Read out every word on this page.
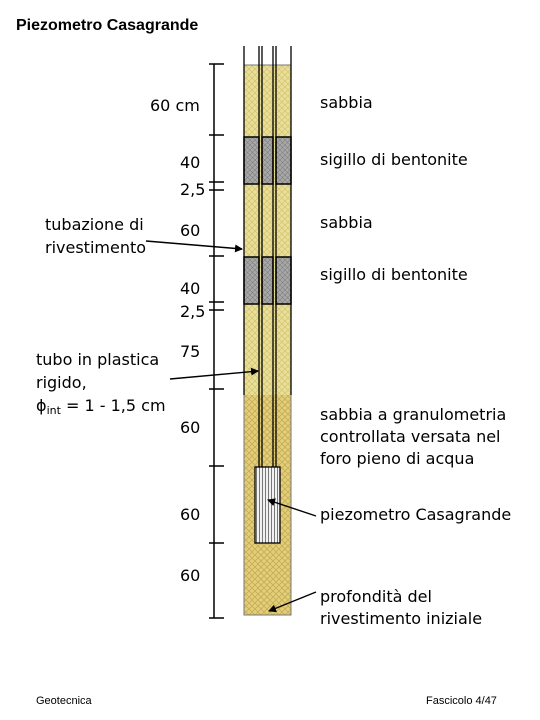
Piezometro Casagrande
60 cm
40
2,5
60
40
2,5
75
60
60
60
tubazione di
rivestimento
tubo in plastica
rigido,
ϕint = 1 - 1,5 cm
sabbia
sigillo di bentonite
sabbia
sigillo di bentonite
sabbia a granulometria
controllata versata nel
foro pieno di acqua
piezometro Casagrande
profondità del
rivestimento iniziale
Geotecnica	Fascicolo 4/47
